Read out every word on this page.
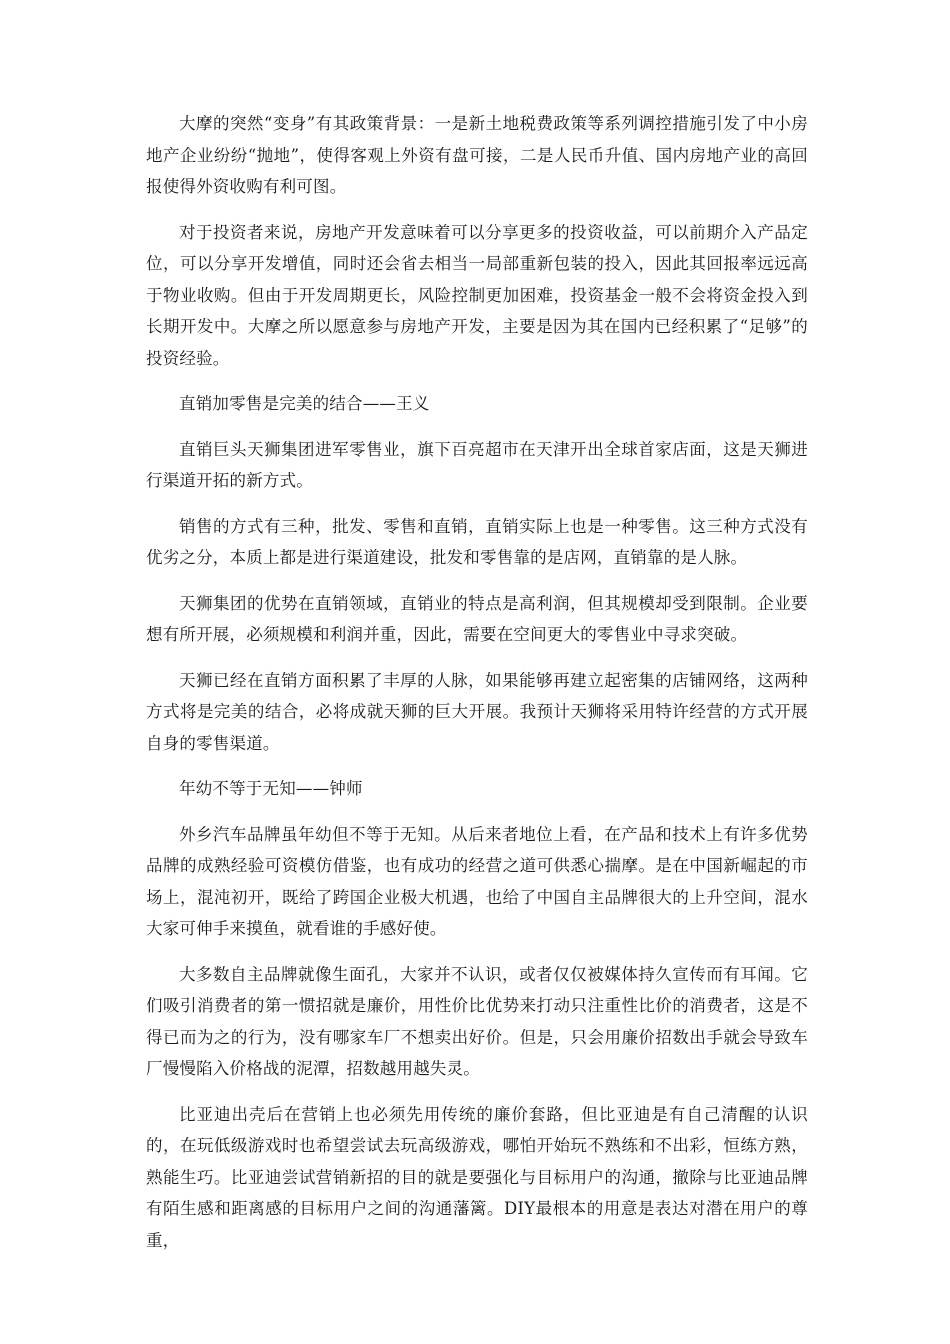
大摩的突然“变身”有其政策背景：一是新土地税费政策等系列调控措施引发了中小房地产企业纷纷“抛地”，使得客观上外资有盘可接，二是人民币升值、国内房地产业的高回报使得外资收购有利可图。

对于投资者来说，房地产开发意味着可以分享更多的投资收益，可以前期介入产品定位，可以分享开发增值，同时还会省去相当一局部重新包装的投入，因此其回报率远远高于物业收购。但由于开发周期更长，风险控制更加困难，投资基金一般不会将资金投入到长期开发中。大摩之所以愿意参与房地产开发，主要是因为其在国内已经积累了“足够”的投资经验。

直销加零售是完美的结合——王义

直销巨头天狮集团进军零售业，旗下百亮超市在天津开出全球首家店面，这是天狮进行渠道开拓的新方式。

销售的方式有三种，批发、零售和直销，直销实际上也是一种零售。这三种方式没有优劣之分，本质上都是进行渠道建设，批发和零售靠的是店网，直销靠的是人脉。

天狮集团的优势在直销领域，直销业的特点是高利润，但其规模却受到限制。企业要想有所开展，必须规模和利润并重，因此，需要在空间更大的零售业中寻求突破。

天狮已经在直销方面积累了丰厚的人脉，如果能够再建立起密集的店铺网络，这两种方式将是完美的结合，必将成就天狮的巨大开展。我预计天狮将采用特许经营的方式开展自身的零售渠道。

年幼不等于无知——钟师

外乡汽车品牌虽年幼但不等于无知。从后来者地位上看，在产品和技术上有许多优势品牌的成熟经验可资模仿借鉴，也有成功的经营之道可供悉心揣摩。是在中国新崛起的市场上，混沌初开，既给了跨国企业极大机遇，也给了中国自主品牌很大的上升空间，混水大家可伸手来摸鱼，就看谁的手感好使。

大多数自主品牌就像生面孔，大家并不认识，或者仅仅被媒体持久宣传而有耳闻。它们吸引消费者的第一惯招就是廉价，用性价比优势来打动只注重性比价的消费者，这是不得已而为之的行为，没有哪家车厂不想卖出好价。但是，只会用廉价招数出手就会导致车厂慢慢陷入价格战的泥潭，招数越用越失灵。

比亚迪出壳后在营销上也必须先用传统的廉价套路，但比亚迪是有自己清醒的认识的，在玩低级游戏时也希望尝试去玩高级游戏，哪怕开始玩不熟练和不出彩，恒练方熟，熟能生巧。比亚迪尝试营销新招的目的就是要强化与目标用户的沟通，撤除与比亚迪品牌有陌生感和距离感的目标用户之间的沟通藩篱。DIY最根本的用意是表达对潜在用户的尊重，
